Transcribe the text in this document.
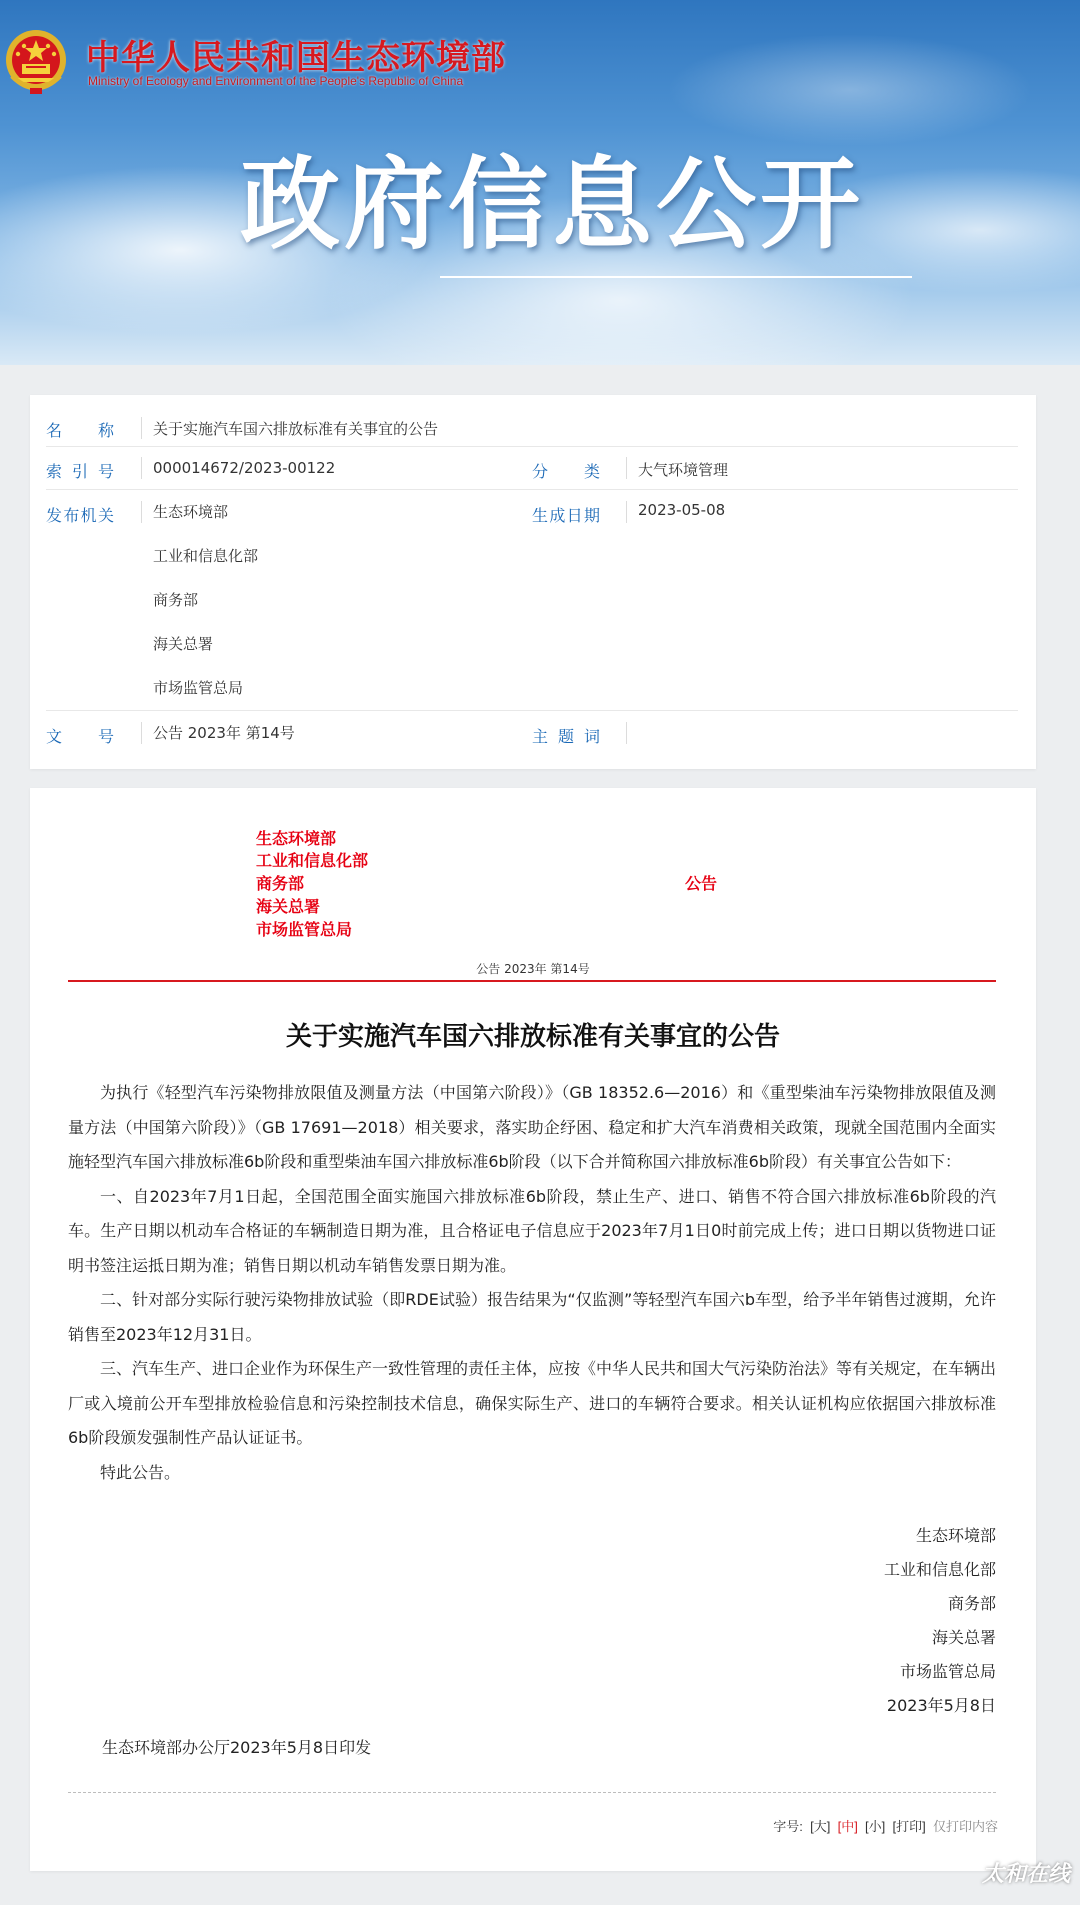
中华人民共和国生态环境部
Ministry of Ecology and Environment of the People's Republic of China
政府信息公开
名　　称	关于实施汽车国六排放标准有关事宜的公告
索 引 号	000014672/2023-00122	分　　类	大气环境管理
发布机关	生态环境部
工业和信息化部
商务部
海关总署
市场监管总局
生成日期	2023-05-08
文　　号	公告 2023年 第14号	主 题 词
生态环境部
工业和信息化部
商务部
海关总署
市场监管总局
公告
公告 2023年 第14号
关于实施汽车国六排放标准有关事宜的公告

为执行《轻型汽车污染物排放限值及测量方法（中国第六阶段）》（GB 18352.6—2016）和《重型柴油车污染物排放限值及测量方法（中国第六阶段）》（GB 17691—2018）相关要求，落实助企纾困、稳定和扩大汽车消费相关政策，现就全国范围内全面实施轻型汽车国六排放标准6b阶段和重型柴油车国六排放标准6b阶段（以下合并简称国六排放标准6b阶段）有关事宜公告如下：

一、自2023年7月1日起，全国范围全面实施国六排放标准6b阶段，禁止生产、进口、销售不符合国六排放标准6b阶段的汽车。生产日期以机动车合格证的车辆制造日期为准，且合格证电子信息应于2023年7月1日0时前完成上传；进口日期以货物进口证明书签注运抵日期为准；销售日期以机动车销售发票日期为准。

二、针对部分实际行驶污染物排放试验（即RDE试验）报告结果为“仅监测”等轻型汽车国六b车型，给予半年销售过渡期，允许销售至2023年12月31日。

三、汽车生产、进口企业作为环保生产一致性管理的责任主体，应按《中华人民共和国大气污染防治法》等有关规定，在车辆出厂或入境前公开车型排放检验信息和污染控制技术信息，确保实际生产、进口的车辆符合要求。相关认证机构应依据国六排放标准6b阶段颁发强制性产品认证证书。

特此公告。

生态环境部
工业和信息化部
商务部
海关总署
市场监管总局
2023年5月8日
生态环境部办公厅2023年5月8日印发
字号: [大] [中] [小] [打印] 仅打印内容
太和在线
